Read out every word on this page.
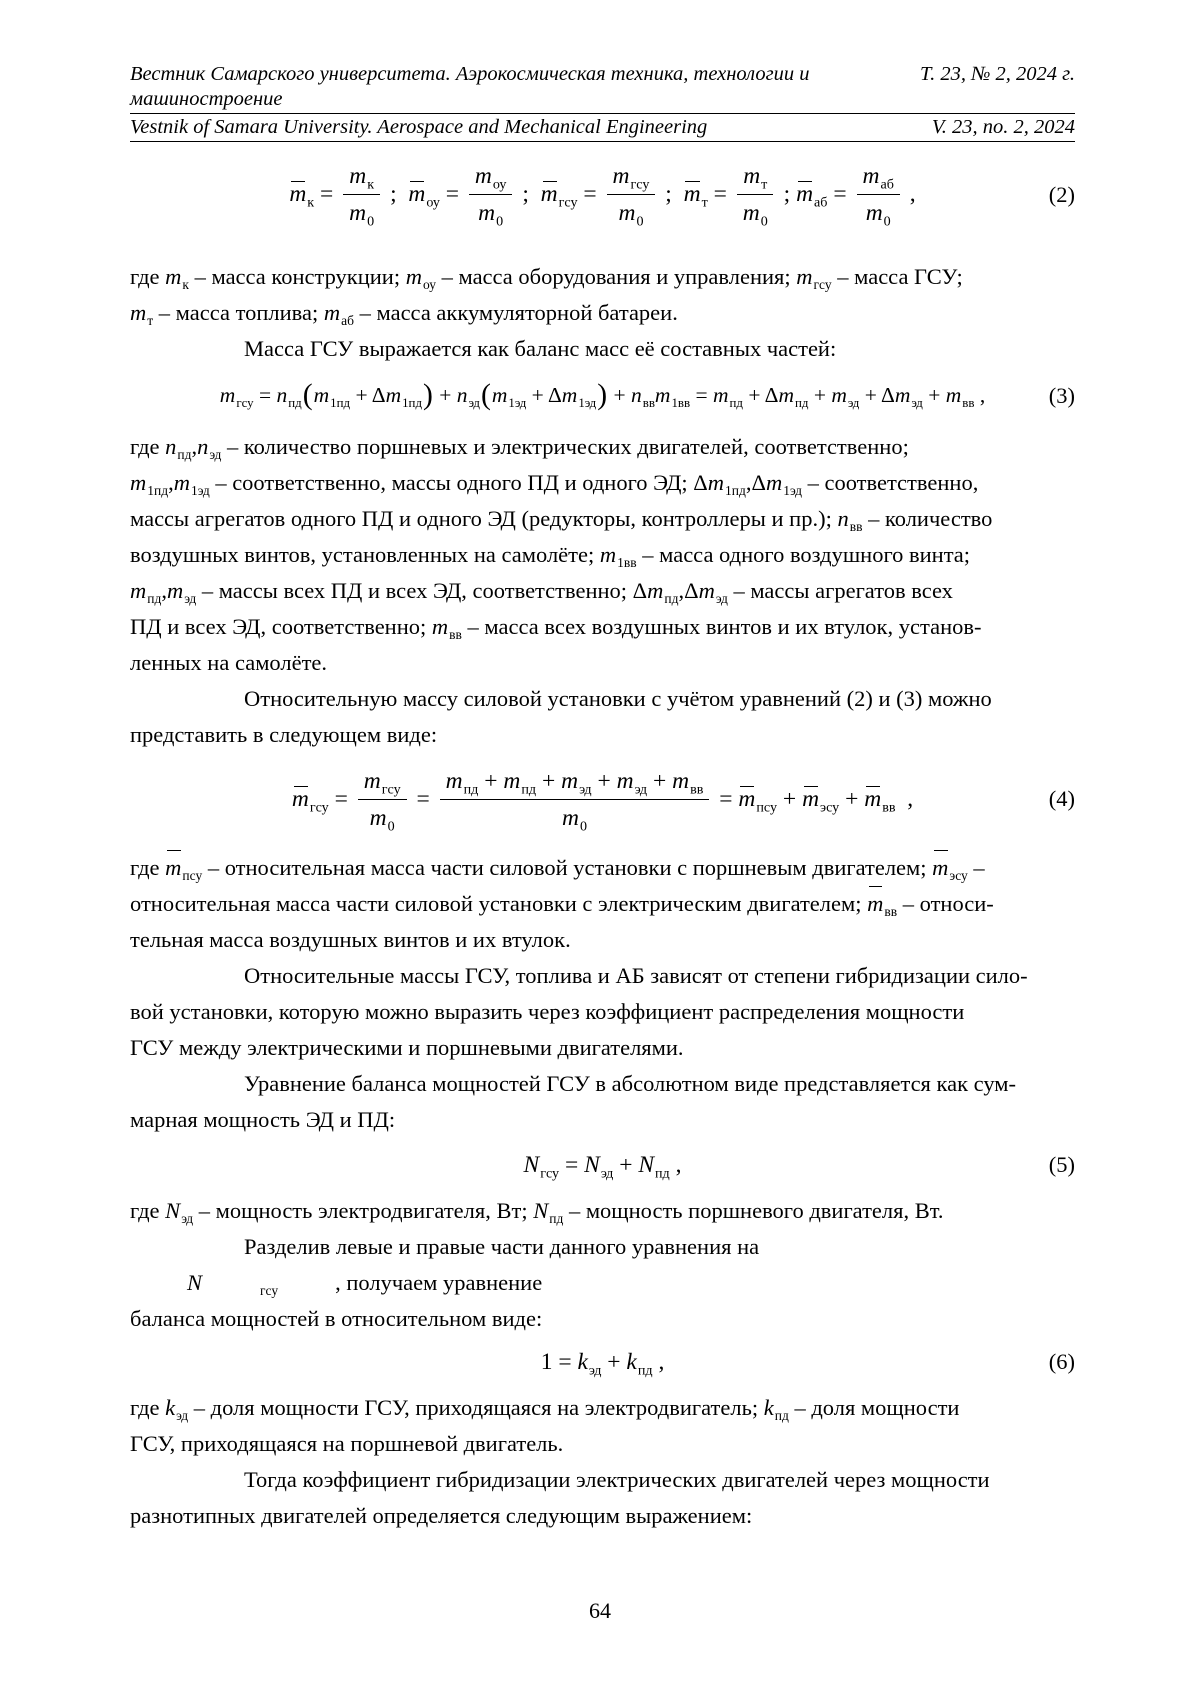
Вестник Самарского университета. Аэрокосмическая техника, технологии и машиностроение
Т. 23, № 2, 2024 г.
Vestnik of Samara University. Aerospace and Mechanical Engineering	V. 23, no. 2, 2024
mк = $\frac{mк}{m0}$ ; mоу = $\frac{\text{mоу}}{m0}$ ; mгсу = $\frac{\text{mгсу}}{m0}$ ; mт = $\frac{mт}{m0}$ ; mаб = $\frac{\text{mаб}}{m0}$ ,	(2)
где mк – масса конструкции; mоу – масса оборудования и управления; mгсу – масса ГСУ;
mт – масса топлива; mаб – масса аккумуляторной батареи.
Масса ГСУ выражается как баланс масс её составных частей:
mгсу = nпд ( m1пд + Δ m1пд ) + nэд ( m1эд + Δ m1эд ) + nвв m1вв = mпд + Δ mпд + mэд + Δ mэд + mвв ,	(3)
где nпд,nэд – количество поршневых и электрических двигателей, соответственно;
m1пд,m1эд – соответственно, массы одного ПД и одного ЭД; Δm1пд,Δm1эд – соответственно,
массы агрегатов одного ПД и одного ЭД (редукторы, контроллеры и пр.); nвв – количество
воздушных винтов, установленных на самолёте; m1вв – масса одного воздушного винта;
mпд,mэд – массы всех ПД и всех ЭД, соответственно; Δmпд,Δmэд – массы агрегатов всех
ПД и всех ЭД, соответственно; mвв – масса всех воздушных винтов и их втулок, установ-
ленных на самолёте.
Относительную массу силовой установки с учётом уравнений (2) и (3) можно
представить в следующем виде:
mгсу = $\frac{\text{mгсу}}{m0} = \frac{\text{mпд + mпд + mэд + mэд + mвв}}{m0}$ = mпсу + mэсу + mвв ,	(4)
где mпсу – относительная масса части силовой установки с поршневым двигателем; mэсу –
относительная масса части силовой установки с электрическим двигателем; mвв – относи-
тельная масса воздушных винтов и их втулок.
Относительные массы ГСУ, топлива и АБ зависят от степени гибридизации сило-
вой установки, которую можно выразить через коэффициент распределения мощности
ГСУ между электрическими и поршневыми двигателями.
Уравнение баланса мощностей ГСУ в абсолютном виде представляется как сум-
марная мощность ЭД и ПД:
Nгсу = Nэд + Nпд ,	(5)
где Nэд – мощность электродвигателя, Вт; Nпд – мощность поршневого двигателя, Вт.
Разделив левые и правые части данного уравнения на N	гсу	, получаем уравнение
баланса мощностей в относительном виде:
1 = kэд + kпд ,	(6)
где kэд – доля мощности ГСУ, приходящаяся на электродвигатель; kпд – доля мощности
ГСУ, приходящаяся на поршневой двигатель.
Тогда коэффициент гибридизации электрических двигателей через мощности
разнотипных двигателей определяется следующим выражением:
64
